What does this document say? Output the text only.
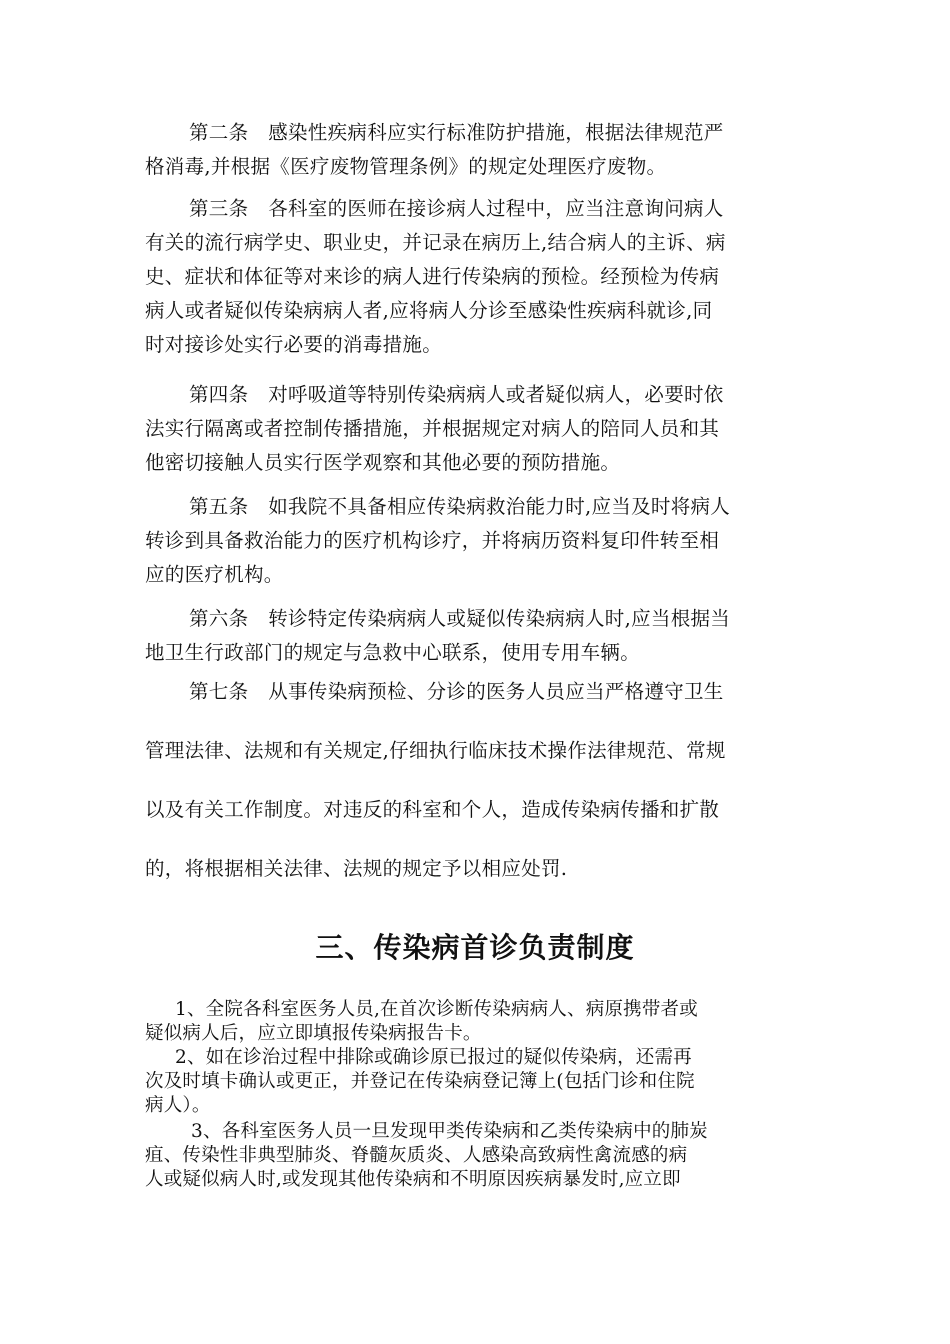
第二条　感染性疾病科应实行标准防护措施，根据法律规范严
格消毒,并根据《医疗废物管理条例》的规定处理医疗废物。
第三条　各科室的医师在接诊病人过程中，应当注意询问病人
有关的流行病学史、职业史，并记录在病历上,结合病人的主诉、病
史、症状和体征等对来诊的病人进行传染病的预检。经预检为传病
病人或者疑似传染病病人者,应将病人分诊至感染性疾病科就诊,同
时对接诊处实行必要的消毒措施。
第四条　对呼吸道等特别传染病病人或者疑似病人，必要时依
法实行隔离或者控制传播措施，并根据规定对病人的陪同人员和其
他密切接触人员实行医学观察和其他必要的预防措施。
第五条　如我院不具备相应传染病救治能力时,应当及时将病人
转诊到具备救治能力的医疗机构诊疗，并将病历资料复印件转至相
应的医疗机构。
第六条　转诊特定传染病病人或疑似传染病病人时,应当根据当
地卫生行政部门的规定与急救中心联系，使用专用车辆。
第七条　从事传染病预检、分诊的医务人员应当严格遵守卫生
管理法律、法规和有关规定,仔细执行临床技术操作法律规范、常规
以及有关工作制度。对违反的科室和个人，造成传染病传播和扩散
的，将根据相关法律、法规的规定予以相应处罚.
三、传染病首诊负责制度
1、全院各科室医务人员,在首次诊断传染病病人、病原携带者或
疑似病人后，应立即填报传染病报告卡。
2、如在诊治过程中排除或确诊原已报过的疑似传染病，还需再
次及时填卡确认或更正，并登记在传染病登记簿上(包括门诊和住院
病人）。
3、各科室医务人员一旦发现甲类传染病和乙类传染病中的肺炭
疽、传染性非典型肺炎、脊髓灰质炎、人感染高致病性禽流感的病
人或疑似病人时,或发现其他传染病和不明原因疾病暴发时,应立即
